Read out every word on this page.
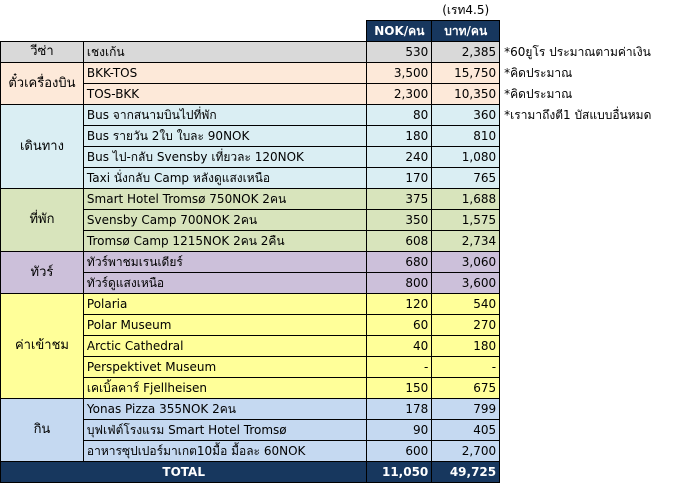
			(เรท4.5)	
		NOK/คน	บาท/คน	
วีซ่า	เชงเก้น	530	2,385	*60ยูโร ประมาณตามค่าเงิน
ตั๋วเครื่องบิน	BKK-TOS	3,500	15,750	*คิดประมาณ
	TOS-BKK	2,300	10,350	*คิดประมาณ
เดินทาง	Bus จากสนามบินไปที่พัก	80	360	*เรามาถึงตี1 บัสแบบอื่นหมด
	Bus รายวัน 2ใบ ใบละ 90NOK	180	810	
	Bus ไป-กลับ Svensby เที่ยวละ 120NOK	240	1,080	
	Taxi นั่งกลับ Camp หลังดูแสงเหนือ	170	765	
ที่พัก	Smart Hotel Tromsø 750NOK 2คน	375	1,688	
	Svensby Camp 700NOK 2คน	350	1,575	
	Tromsø Camp 1215NOK 2คน 2คืน	608	2,734	
ทัวร์	ทัวร์พาชมเรนเดียร์	680	3,060	
	ทัวร์ดูแสงเหนือ	800	3,600	
ค่าเข้าชม	Polaria	120	540	
	Polar Museum	60	270	
	Arctic Cathedral	40	180	
	Perspektivet Museum	-	-	
	เคเบิ้ลคาร์ Fjellheisen	150	675	
กิน	Yonas Pizza 355NOK 2คน	178	799	
	บุฟเฟ่ต์โรงแรม Smart Hotel Tromsø	90	405	
	อาหารซุปเปอร์มาเกต10มื้อ มื้อละ 60NOK	600	2,700	
TOTAL		11,050	49,725	
